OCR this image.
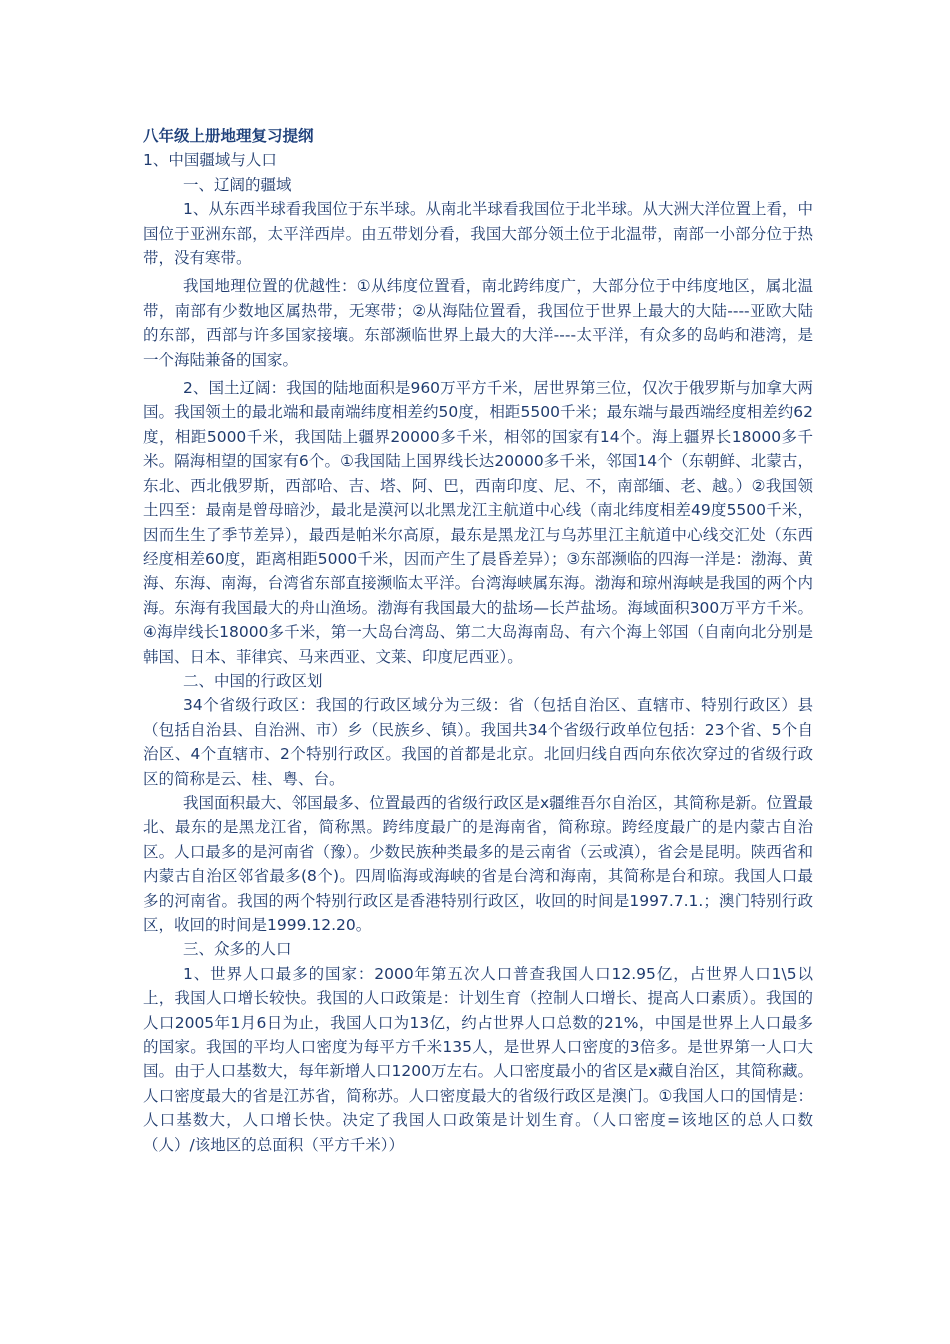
八年级上册地理复习提纲

1、中国疆域与人口

一、辽阔的疆域

1、从东西半球看我国位于东半球。从南北半球看我国位于北半球。从大洲大洋位置上看，中国位于亚洲东部，太平洋西岸。由五带划分看，我国大部分领土位于北温带，南部一小部分位于热带，没有寒带。

我国地理位置的优越性：①从纬度位置看，南北跨纬度广，大部分位于中纬度地区，属北温带，南部有少数地区属热带，无寒带；②从海陆位置看，我国位于世界上最大的大陆----亚欧大陆的东部，西部与许多国家接壤。东部濒临世界上最大的大洋----太平洋，有众多的岛屿和港湾，是一个海陆兼备的国家。

2、国土辽阔：我国的陆地面积是960万平方千米，居世界第三位，仅次于俄罗斯与加拿大两国。我国领土的最北端和最南端纬度相差约50度，相距5500千米；最东端与最西端经度相差约62度，相距5000千米，我国陆上疆界20000多千米，相邻的国家有14个。海上疆界长18000多千米。隔海相望的国家有6个。①我国陆上国界线长达20000多千米，邻国14个（东朝鲜、北蒙古，东北、西北俄罗斯，西部哈、吉、塔、阿、巴，西南印度、尼、不，南部缅、老、越。）②我国领土四至：最南是曾母暗沙，最北是漠河以北黑龙江主航道中心线（南北纬度相差49度5500千米，因而生生了季节差异），最西是帕米尔高原，最东是黑龙江与乌苏里江主航道中心线交汇处（东西经度相差60度，距离相距5000千米，因而产生了晨昏差异）；③东部濒临的四海一洋是：渤海、黄海、东海、南海，台湾省东部直接濒临太平洋。台湾海峡属东海。渤海和琼州海峡是我国的两个内海。东海有我国最大的舟山渔场。渤海有我国最大的盐场—长芦盐场。海域面积300万平方千米。④海岸线长18000多千米，第一大岛台湾岛、第二大岛海南岛、有六个海上邻国（自南向北分别是韩国、日本、菲律宾、马来西亚、文莱、印度尼西亚）。

二、中国的行政区划

34个省级行政区：我国的行政区域分为三级：省（包括自治区、直辖市、特别行政区）县（包括自治县、自治洲、市）乡（民族乡、镇）。我国共34个省级行政单位包括：23个省、5个自治区、4个直辖市、2个特别行政区。我国的首都是北京。北回归线自西向东依次穿过的省级行政区的简称是云、桂、粤、台。

我国面积最大、邻国最多、位置最西的省级行政区是x疆维吾尔自治区，其简称是新。位置最北、最东的是黑龙江省，简称黑。跨纬度最广的是海南省，简称琼。跨经度最广的是内蒙古自治区。人口最多的是河南省（豫）。少数民族种类最多的是云南省（云或滇），省会是昆明。陕西省和内蒙古自治区邻省最多(8个)。四周临海或海峡的省是台湾和海南，其简称是台和琼。我国人口最多的河南省。我国的两个特别行政区是香港特别行政区，收回的时间是1997.7.1.；澳门特别行政区，收回的时间是1999.12.20。

三、众多的人口

1、世界人口最多的国家：2000年第五次人口普查我国人口12.95亿，占世界人口1\5以上，我国人口增长较快。我国的人口政策是：计划生育（控制人口增长、提高人口素质）。我国的人口2005年1月6日为止，我国人口为13亿，约占世界人口总数的21%，中国是世界上人口最多的国家。我国的平均人口密度为每平方千米135人，是世界人口密度的3倍多。是世界第一人口大国。由于人口基数大，每年新增人口1200万左右。人口密度最小的省区是x藏自治区，其简称藏。人口密度最大的省是江苏省，简称苏。人口密度最大的省级行政区是澳门。①我国人口的国情是：人口基数大，人口增长快。决定了我国人口政策是计划生育。（人口密度=该地区的总人口数（人）/该地区的总面积（平方千米））
